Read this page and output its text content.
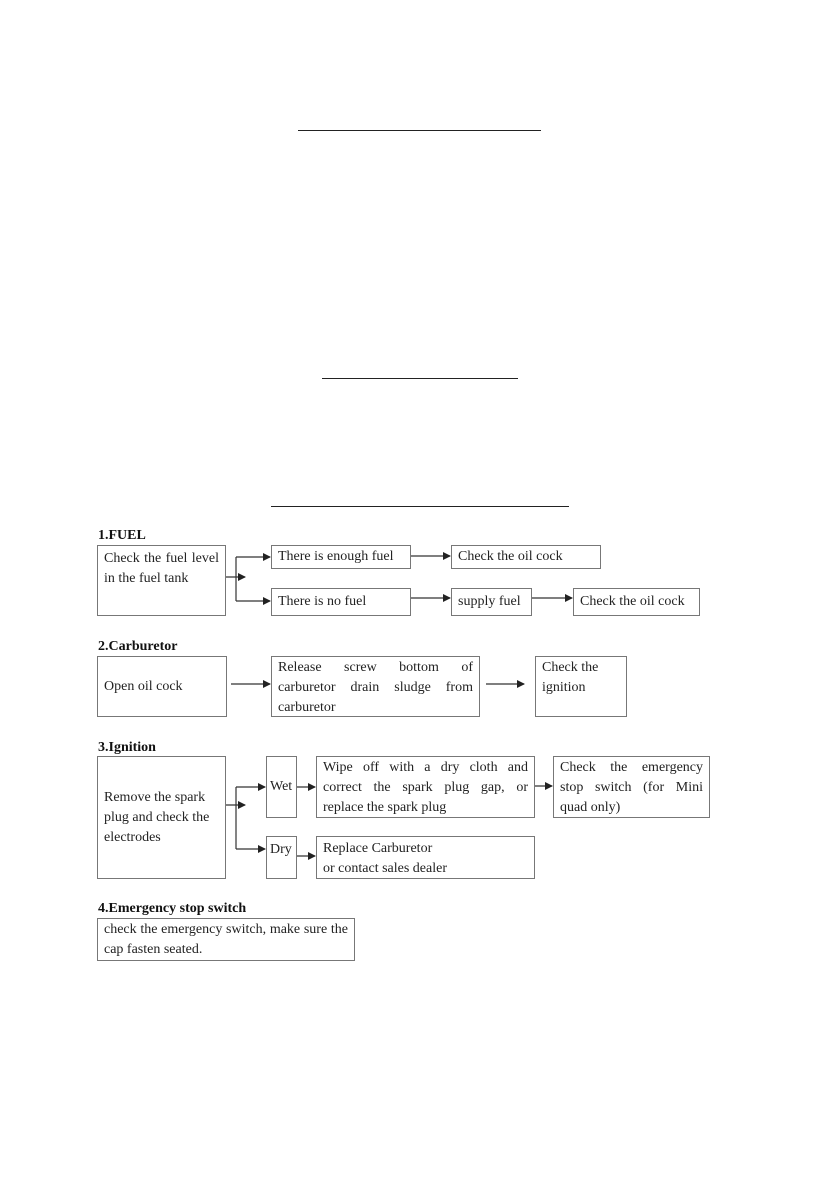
1.FUEL
Check the fuel level in the fuel tank
There is enough fuel	Check the oil cock
There is no fuel	supply fuel	Check the oil cock
2.Carburetor
Open oil cock
Release screw bottom of carburetor drain sludge from carburetor
Check the ignition
3.Ignition
Remove the spark plug and check the electrodes
Wet
Wipe off with a dry cloth and correct the spark plug gap, or replace the spark plug
Check the emergency stop switch (for Mini quad only)
Dry	Replace Carburetor
or contact sales dealer
4.Emergency stop switch
check the emergency switch, make sure the cap fasten seated.
